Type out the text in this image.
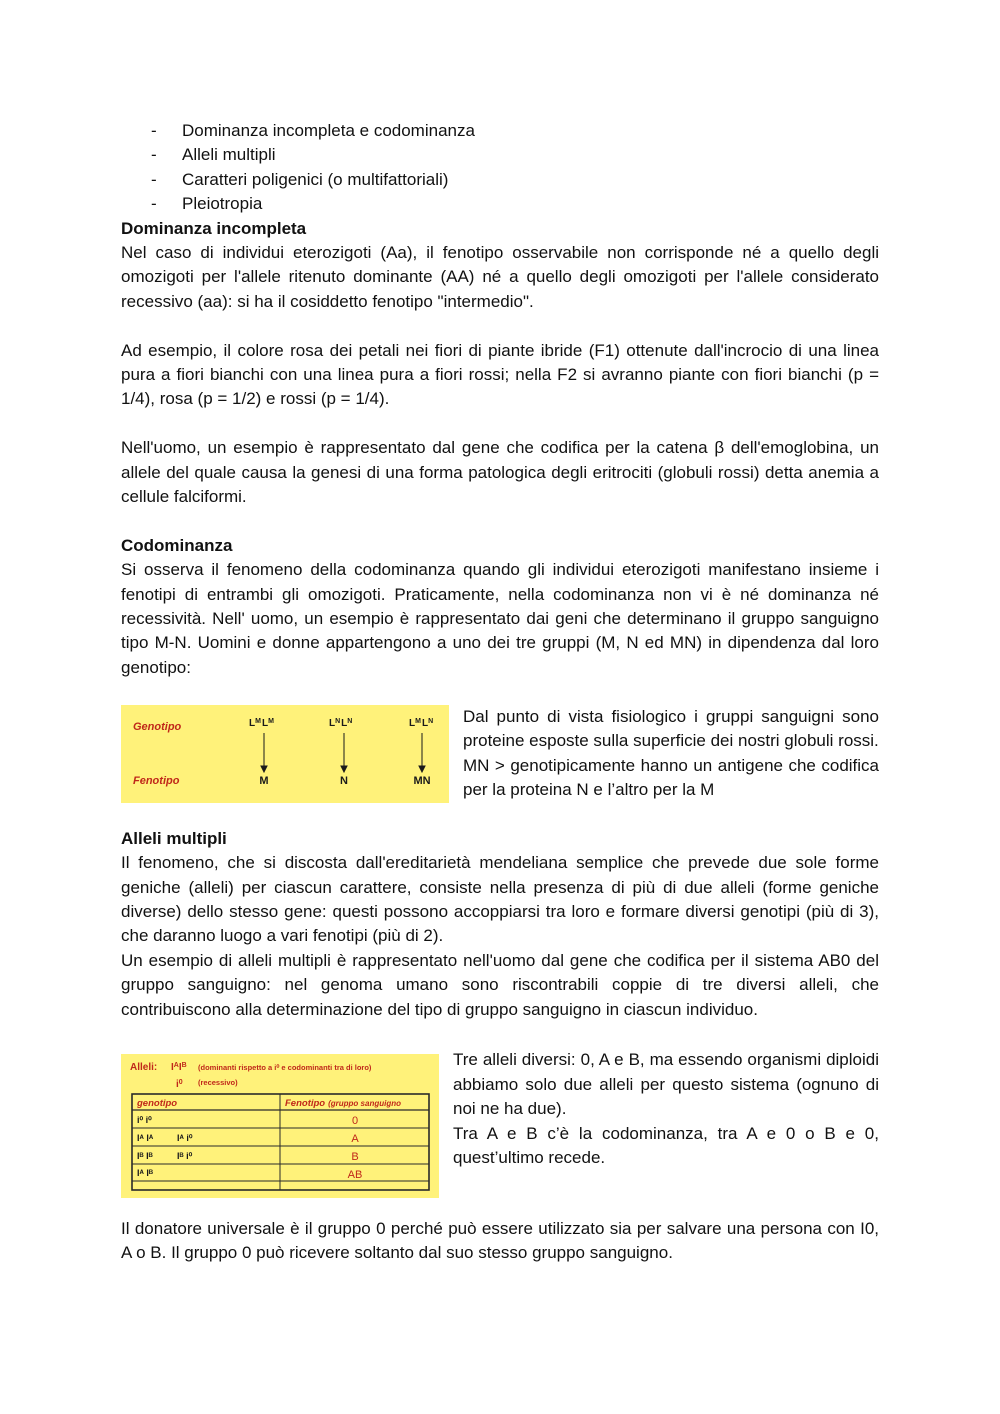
- Dominanza incompleta e codominanza
- Alleli multipli
- Caratteri poligenici (o multifattoriali)
- Pleiotropia

Dominanza incompleta

Nel caso di individui eterozigoti (Aa), il fenotipo osservabile non corrisponde né a quello degli omozigoti per l'allele ritenuto dominante (AA) né a quello degli omozigoti per l'allele considerato recessivo (aa): si ha il cosiddetto fenotipo "intermedio".

Ad esempio, il colore rosa dei petali nei fiori di piante ibride (F1) ottenute dall'incrocio di una linea pura a fiori bianchi con una linea pura a fiori rossi; nella F2 si avranno piante con fiori bianchi (p = 1/4), rosa (p = 1/2) e rossi (p = 1/4).

Nell'uomo, un esempio è rappresentato dal gene che codifica per la catena β dell'emoglobina, un allele del quale causa la genesi di una forma patologica degli eritrociti (globuli rossi) detta anemia a cellule falciformi.

Codominanza

Si osserva il fenomeno della codominanza quando gli individui eterozigoti manifestano insieme i fenotipi di entrambi gli omozigoti. Praticamente, nella codominanza non vi è né dominanza né recessività. Nell' uomo, un esempio è rappresentato dai geni che determinano il gruppo sanguigno tipo M-N. Uomini e donne appartengono a uno dei tre gruppi (M, N ed MN) in dipendenza dal loro genotipo:

Genotipo
Fenotipo
$L^ML^M$	$L^NL^N$	$L^ML^N$
M	N	MN

Dal punto di vista fisiologico i gruppi sanguigni sono proteine esposte sulla superficie dei nostri globuli rossi.

MN > genotipicamente hanno un antigene che codifica per la proteina N e l’altro per la M

Alleli multipli

Il fenomeno, che si discosta dall'ereditarietà mendeliana semplice che prevede due sole forme geniche (alleli) per ciascun carattere, consiste nella presenza di più di due alleli (forme geniche diverse) dello stesso gene: questi possono accoppiarsi tra loro e formare diversi genotipi (più di 3), che daranno luogo a vari fenotipi (più di 2).

Un esempio di alleli multipli è rappresentato nell'uomo dal gene che codifica per il sistema AB0 del gruppo sanguigno: nel genoma umano sono riscontrabili coppie di tre diversi alleli, che contribuiscono alla determinazione del tipo di gruppo sanguigno in ciascun individuo.

Alleli: $I^AI^B$ (dominanti rispetto a i⁰ e codominanti tra di loro)
$i^0$ (recessivo)
genotipo	Fenotipo (gruppo sanguigno
i⁰ i⁰	0
Iᴬ Iᴬ	Iᴬ i⁰	A
Iᴮ Iᴮ	Iᴮ i⁰	B
Iᴬ Iᴮ	AB

Tre alleli diversi: 0, A e B, ma essendo organismi diploidi abbiamo solo due alleli per questo sistema (ognuno di noi ne ha due).

Tra A e B c’è la codominanza, tra A e 0 o B e 0, quest’ultimo recede.

Il donatore universale è il gruppo 0 perché può essere utilizzato sia per salvare una persona con I0, A o B. Il gruppo 0 può ricevere soltanto dal suo stesso gruppo sanguigno.
